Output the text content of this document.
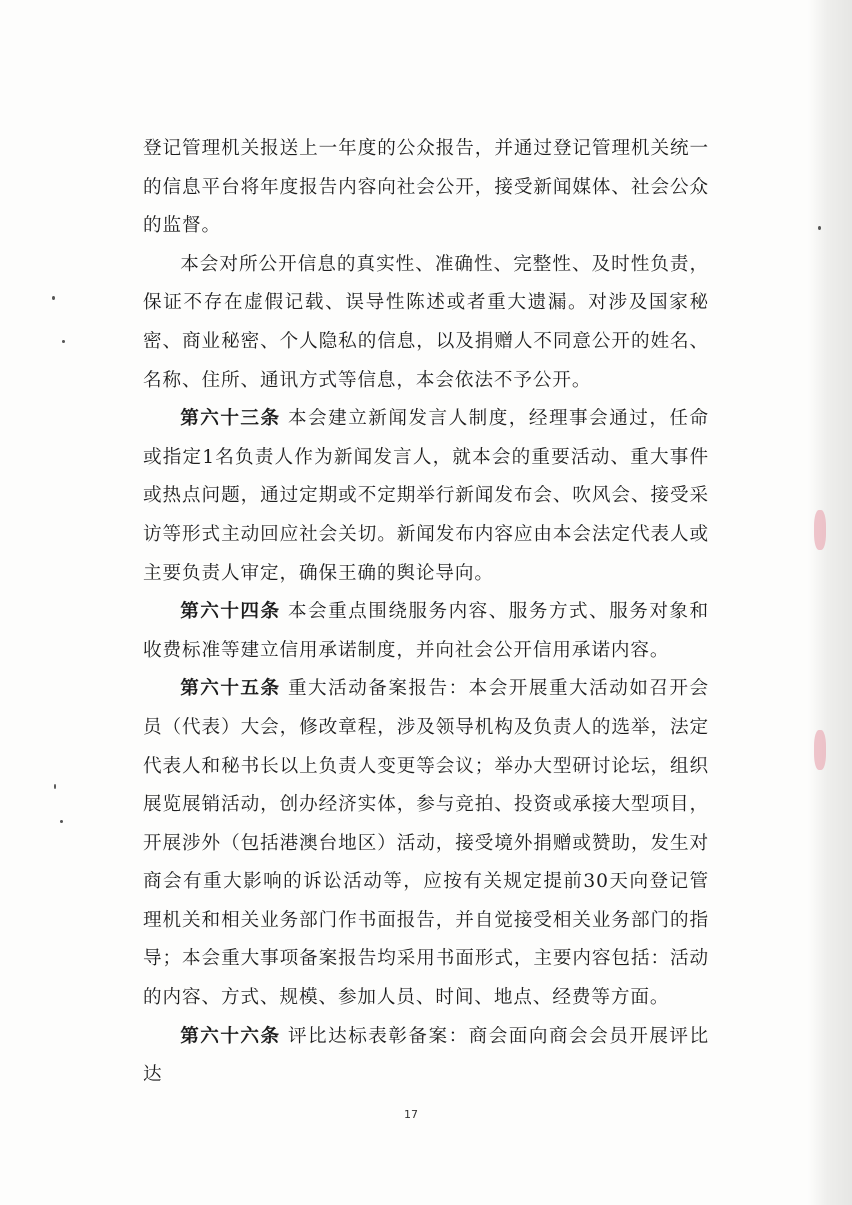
登记管理机关报送上一年度的公众报告，并通过登记管理机关统一的信息平台将年度报告内容向社会公开，接受新闻媒体、社会公众的监督。

本会对所公开信息的真实性、准确性、完整性、及时性负责，保证不存在虚假记载、误导性陈述或者重大遗漏。对涉及国家秘密、商业秘密、个人隐私的信息，以及捐赠人不同意公开的姓名、名称、住所、通讯方式等信息，本会依法不予公开。

第六十三条 本会建立新闻发言人制度，经理事会通过，任命或指定1名负责人作为新闻发言人，就本会的重要活动、重大事件或热点问题，通过定期或不定期举行新闻发布会、吹风会、接受采访等形式主动回应社会关切。新闻发布内容应由本会法定代表人或主要负责人审定，确保王确的舆论导向。

第六十四条 本会重点围绕服务内容、服务方式、服务对象和收费标准等建立信用承诺制度，并向社会公开信用承诺内容。

第六十五条 重大活动备案报告：本会开展重大活动如召开会员（代表）大会，修改章程，涉及领导机构及负责人的选举，法定代表人和秘书长以上负责人变更等会议；举办大型研讨论坛，组织展览展销活动，创办经济实体，参与竞拍、投资或承接大型项目，开展涉外（包括港澳台地区）活动，接受境外捐赠或赞助，发生对商会有重大影响的诉讼活动等，应按有关规定提前30天向登记管理机关和相关业务部门作书面报告，并自觉接受相关业务部门的指导；本会重大事项备案报告均采用书面形式，主要内容包括：活动的内容、方式、规模、参加人员、时间、地点、经费等方面。

第六十六条 评比达标表彰备案：商会面向商会会员开展评比达

17
